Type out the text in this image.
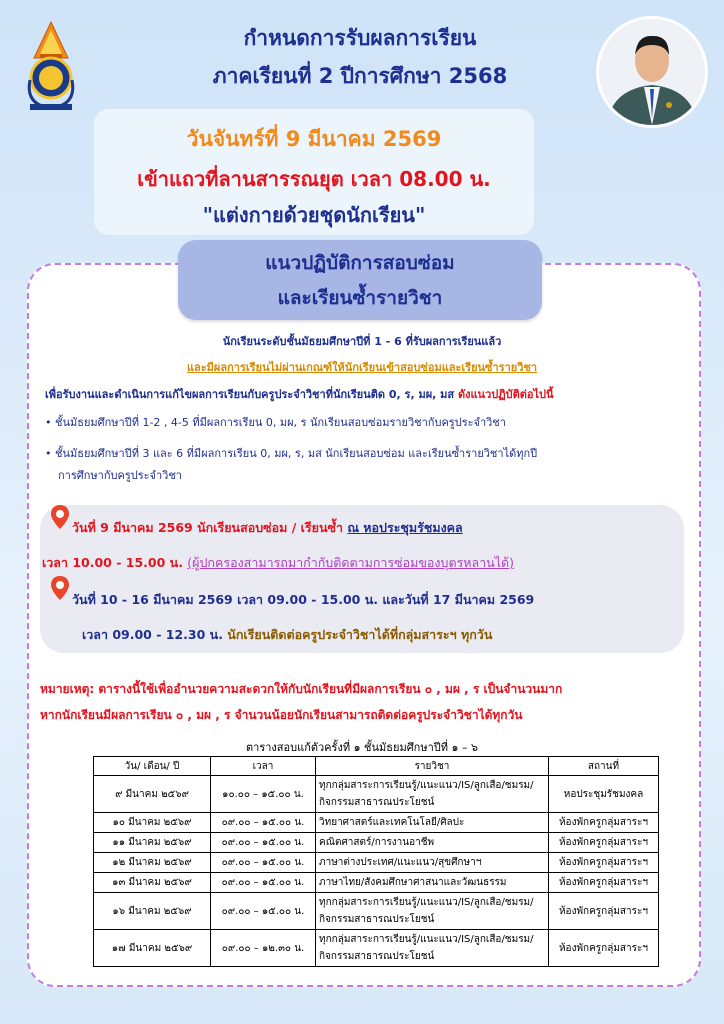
กำหนดการรับผลการเรียน
ภาคเรียนที่ 2 ปีการศึกษา 2568
วันจันทร์ที่ 9 มีนาคม 2569
เข้าแถวที่ลานสารรณยุต เวลา 08.00 น.
"แต่งกายด้วยชุดนักเรียน"
แนวปฏิบัติการสอบซ่อม
และเรียนซ้ำรายวิชา
นักเรียนระดับชั้นมัธยมศึกษาปีที่ 1 - 6 ที่รับผลการเรียนแล้ว
และมีผลการเรียนไม่ผ่านเกณฑ์ให้นักเรียนเข้าสอบซ่อมและเรียนซ้ำรายวิชา
เพื่อรับงานและดำเนินการแก้ไขผลการเรียนกับครูประจำวิชาที่นักเรียนติด 0, ร, มผ, มส ดังแนวปฏิบัติต่อไปนี้
• ชั้นมัธยมศึกษาปีที่ 1-2 , 4-5 ที่มีผลการเรียน 0, มผ, ร นักเรียนสอบซ่อมรายวิชากับครูประจำวิชา
• ชั้นมัธยมศึกษาปีที่ 3 และ 6 ที่มีผลการเรียน 0, มผ, ร, มส นักเรียนสอบซ่อม และเรียนซ้ำรายวิชาได้ทุกปี
การศึกษากับครูประจำวิชา
วันที่ 9 มีนาคม 2569 นักเรียนสอบซ่อม / เรียนซ้ำ ณ หอประชุมรัชมงคล
เวลา 10.00 - 15.00 น. (ผู้ปกครองสามารถมากำกับติดตามการซ่อมของบุตรหลานได้)
วันที่ 10 - 16 มีนาคม 2569 เวลา 09.00 - 15.00 น. และวันที่ 17 มีนาคม 2569
เวลา 09.00 - 12.30 น. นักเรียนติดต่อครูประจำวิชาได้ที่กลุ่มสาระฯ ทุกวัน
หมายเหตุ: ตารางนี้ใช้เพื่ออำนวยความสะดวกให้กับนักเรียนที่มีผลการเรียน ๐ , มผ , ร เป็นจำนวนมาก
หากนักเรียนมีผลการเรียน ๐ , มผ , ร จำนวนน้อยนักเรียนสามารถติดต่อครูประจำวิชาได้ทุกวัน
ตารางสอบแก้ตัวครั้งที่ ๑ ชั้นมัธยมศึกษาปีที่ ๑ – ๖
วัน/ เดือน/ ปี	เวลา	รายวิชา	สถานที่
๙ มีนาคม ๒๕๖๙	๑๐.๐๐ – ๑๕.๐๐ น.	ทุกกลุ่มสาระการเรียนรู้/แนะแนว/IS/ลูกเสือ/ชมรม/กิจกรรมสาธารณประโยชน์	หอประชุมรัชมงคล
๑๐ มีนาคม ๒๕๖๙	๐๙.๐๐ – ๑๕.๐๐ น.	วิทยาศาสตร์และเทคโนโลยี/ศิลปะ	ห้องพักครูกลุ่มสาระฯ
๑๑ มีนาคม ๒๕๖๙	๐๙.๐๐ – ๑๕.๐๐ น.	คณิตศาสตร์/การงานอาชีพ	ห้องพักครูกลุ่มสาระฯ
๑๒ มีนาคม ๒๕๖๙	๐๙.๐๐ – ๑๕.๐๐ น.	ภาษาต่างประเทศ/แนะแนว/สุขศึกษาฯ	ห้องพักครูกลุ่มสาระฯ
๑๓ มีนาคม ๒๕๖๙	๐๙.๐๐ – ๑๕.๐๐ น.	ภาษาไทย/สังคมศึกษาศาสนาและวัฒนธรรม	ห้องพักครูกลุ่มสาระฯ
๑๖ มีนาคม ๒๕๖๙	๐๙.๐๐ – ๑๕.๐๐ น.	ทุกกลุ่มสาระการเรียนรู้/แนะแนว/IS/ลูกเสือ/ชมรม/กิจกรรมสาธารณประโยชน์	ห้องพักครูกลุ่มสาระฯ
๑๗ มีนาคม ๒๕๖๙	๐๙.๐๐ – ๑๒.๓๐ น.	ทุกกลุ่มสาระการเรียนรู้/แนะแนว/IS/ลูกเสือ/ชมรม/กิจกรรมสาธารณประโยชน์	ห้องพักครูกลุ่มสาระฯ
